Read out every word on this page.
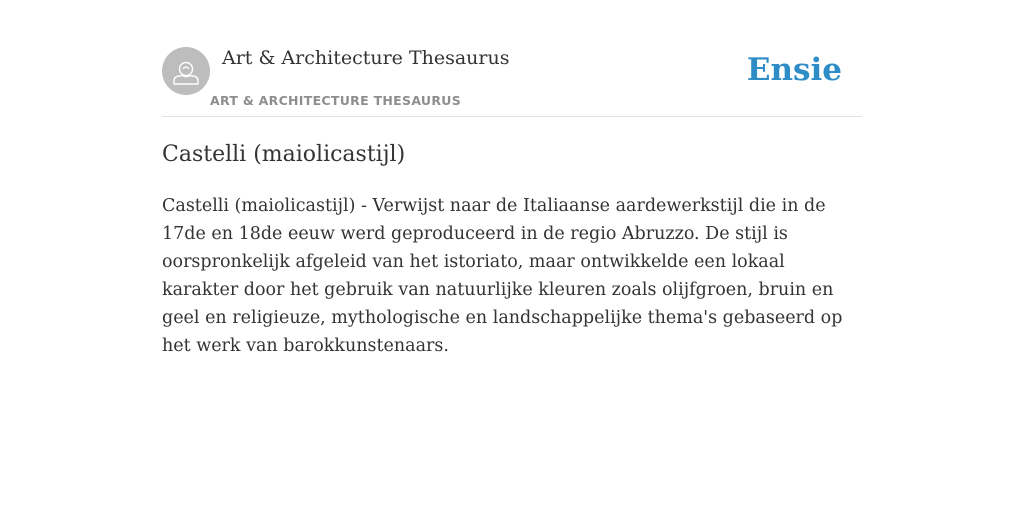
Art & Architecture Thesaurus
ART & ARCHITECTURE THESAURUS
Ensie
Castelli (maiolicastijl)

Castelli (maiolicastijl) - Verwijst naar de Italiaanse aardewerkstijl die in de 17de en 18de eeuw werd geproduceerd in de regio Abruzzo. De stijl is oorspronkelijk afgeleid van het istoriato, maar ontwikkelde een lokaal karakter door het gebruik van natuurlijke kleuren zoals olijfgroen, bruin en geel en religieuze, mythologische en landschappelijke thema's gebaseerd op het werk van barokkunstenaars.
